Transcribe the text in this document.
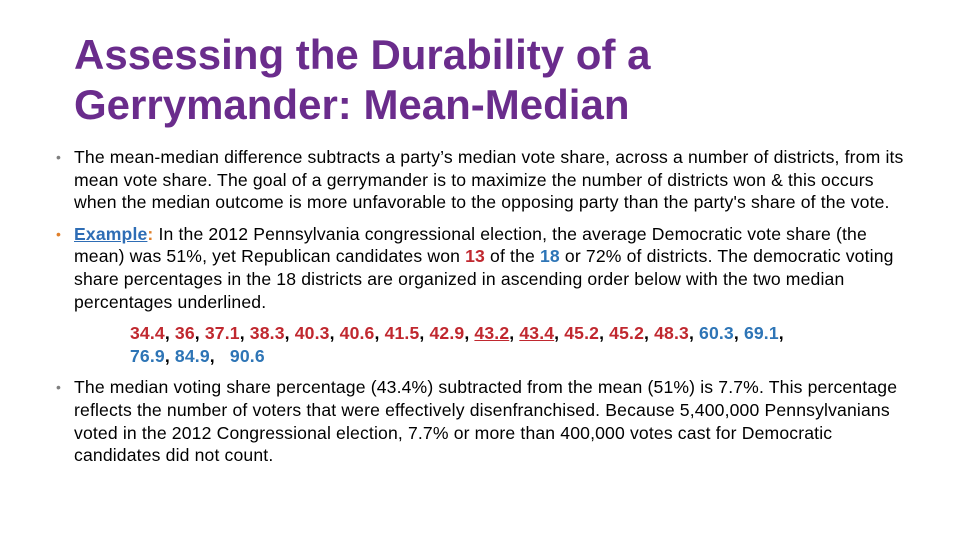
Assessing the Durability of a Gerrymander: Mean-Median
• The mean-median difference subtracts a party’s median vote share, across a number of districts, from its mean vote share. The goal of a gerrymander is to maximize the number of districts won & this occurs when the median outcome is more unfavorable to the opposing party than the party's share of the vote.
• Example: In the 2012 Pennsylvania congressional election, the average Democratic vote share (the mean) was 51%, yet Republican candidates won 13 of the 18 or 72% of districts. The democratic voting share percentages in the 18 districts are organized in ascending order below with the two median percentages underlined.
34.4, 36, 37.1, 38.3, 40.3, 40.6, 41.5, 42.9, 43.2, 43.4, 45.2, 45.2, 48.3, 60.3, 69.1,
76.9, 84.9,   90.6
• The median voting share percentage (43.4%) subtracted from the mean (51%) is 7.7%. This percentage reflects the number of voters that were effectively disenfranchised. Because 5,400,000 Pennsylvanians voted in the 2012 Congressional election, 7.7% or more than 400,000 votes cast for Democratic candidates did not count.
